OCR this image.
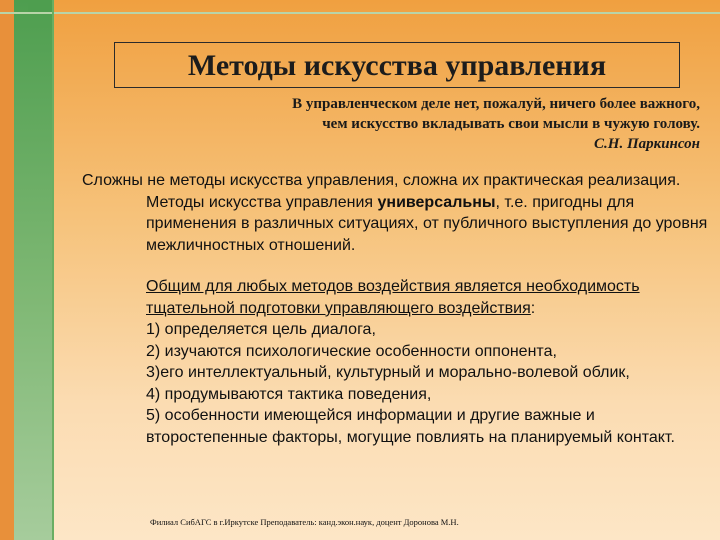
Методы искусства управления
В управленческом деле нет, пожалуй, ничего более важного,
чем искусство вкладывать свои мысли в чужую голову.
С.Н. Паркинсон

Сложны не методы искусства управления, сложна их практическая реализация.

Методы искусства управления универсальны, т.е. пригодны для применения в различных ситуациях, от публичного выступления до уровня межличностных отношений.

Общим для любых методов воздействия является необходимость тщательной подготовки управляющего воздействия:
1) определяется цель диалога,
2) изучаются психологические особенности оппонента,
3)его интеллектуальный, культурный и морально-волевой облик,
4) продумываются тактика поведения,
5) особенности имеющейся информации и другие важные и второстепенные факторы, могущие повлиять на планируемый контакт.
Филиал СибАГС в г.Иркутске Преподаватель: канд.экон.наук, доцент Доронова М.Н.
